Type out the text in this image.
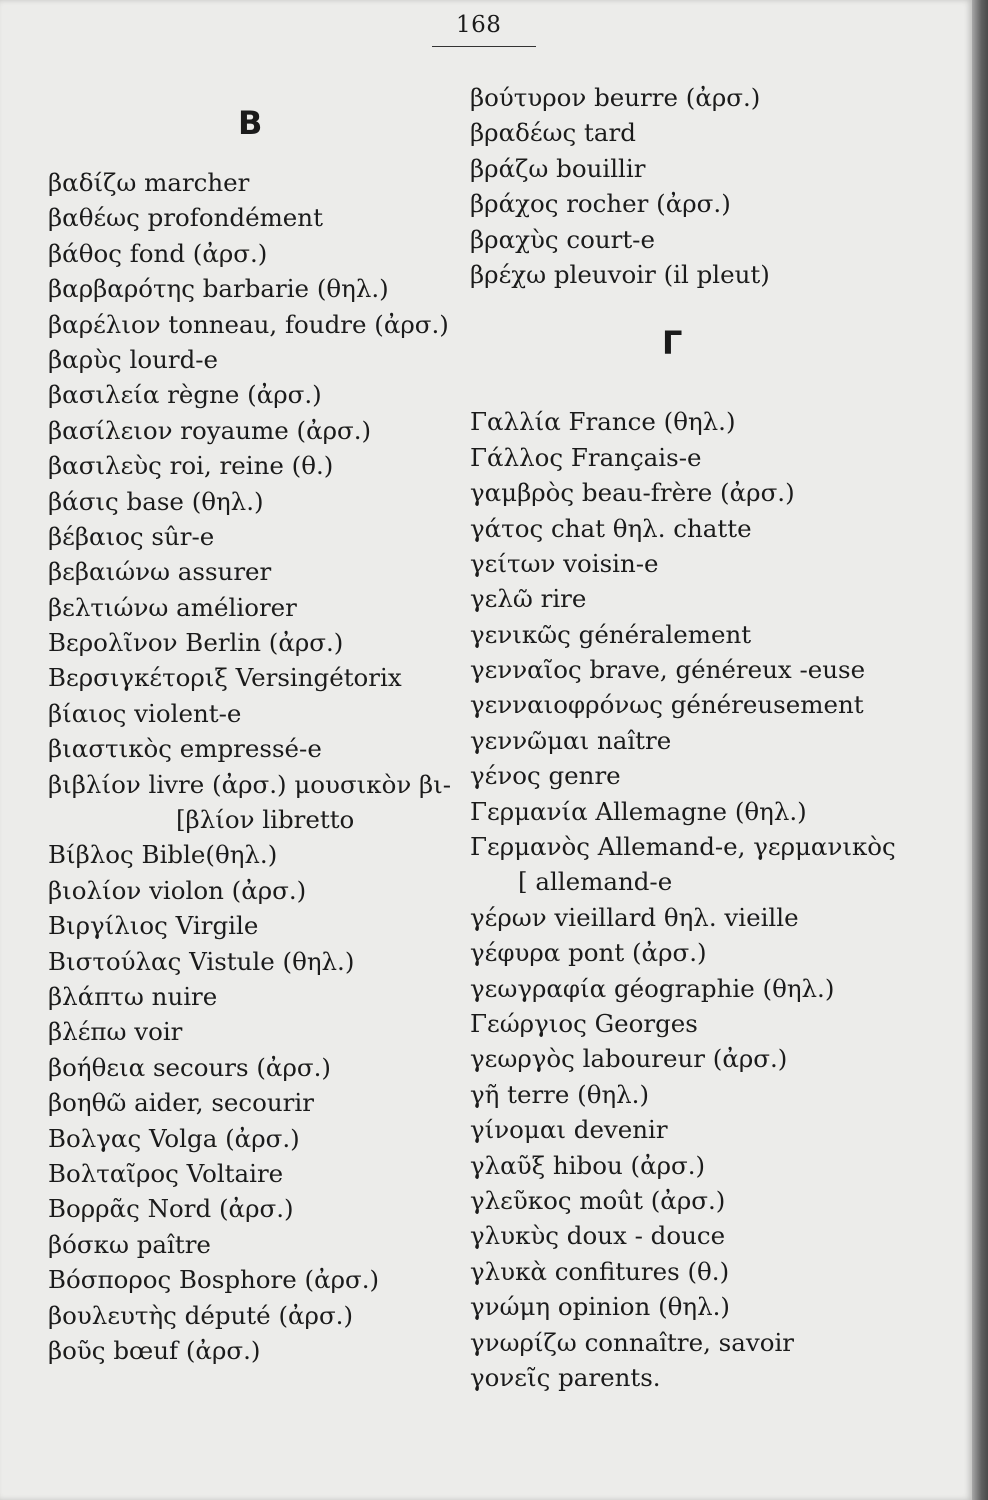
168
B
Γ
βαδίζω marcher
βαθέως profondément
βάθος fond (ἀρσ.)
βαρβαρότης barbarie (θηλ.)
βαρέλιον tonneau, foudre (ἀρσ.)
βαρὺς lourd-e
βασιλεία règne (ἀρσ.)
βασίλειον royaume (ἀρσ.)
βασιλεὺς roi, reine (θ.)
βάσις base (θηλ.)
βέβαιος sûr-e
βεβαιώνω assurer
βελτιώνω améliorer
Βερολῖνον Berlin (ἀρσ.)
Βερσιγκέτοριξ Versingétorix
βίαιος violent-e
βιαστικὸς empressé-e
βιβλίον livre (ἀρσ.) μουσικὸν βι-
[βλίον libretto
Βίβλος Bible(θηλ.)
βιολίον violon (ἀρσ.)
Βιργίλιος Virgile
Βιστούλας Vistule (θηλ.)
βλάπτω nuire
βλέπω voir
βοήθεια secours (ἀρσ.)
βοηθῶ aider, secourir
Βολγας Volga (ἀρσ.)
Βολταῖρος Voltaire
Βορρᾶς Nord (ἀρσ.)
βόσκω paître
Βόσπορος Bosphore (ἀρσ.)
βουλευτὴς député (ἀρσ.)
βοῦς bœuf (ἀρσ.)
βούτυρον beurre (ἀρσ.)
βραδέως tard
βράζω bouillir
βράχος rocher (ἀρσ.)
βραχὺς court-e
βρέχω pleuvoir (il pleut)
Γαλλία France (θηλ.)
Γάλλος Français-e
γαμβρὸς beau-frère (ἀρσ.)
γάτος chat θηλ. chatte
γείτων voisin-e
γελῶ rire
γενικῶς généralement
γενναῖος brave, généreux -euse
γενναιοφρόνως généreusement
γεννῶμαι naître
γένος genre
Γερμανία Allemagne (θηλ.)
Γερμανὸς Allemand-e, γερμανικὸς
[ allemand-e
γέρων vieillard θηλ. vieille
γέφυρα pont (ἀρσ.)
γεωγραφία géographie (θηλ.)
Γεώργιος Georges
γεωργὸς laboureur (ἀρσ.)
γῆ terre (θηλ.)
γίνομαι devenir
γλαῦξ hibou (ἀρσ.)
γλεῦκος moût (ἀρσ.)
γλυκὺς doux - douce
γλυκὰ confitures (θ.)
γνώμη opinion (θηλ.)
γνωρίζω connaître, savoir
γονεῖς parents.
